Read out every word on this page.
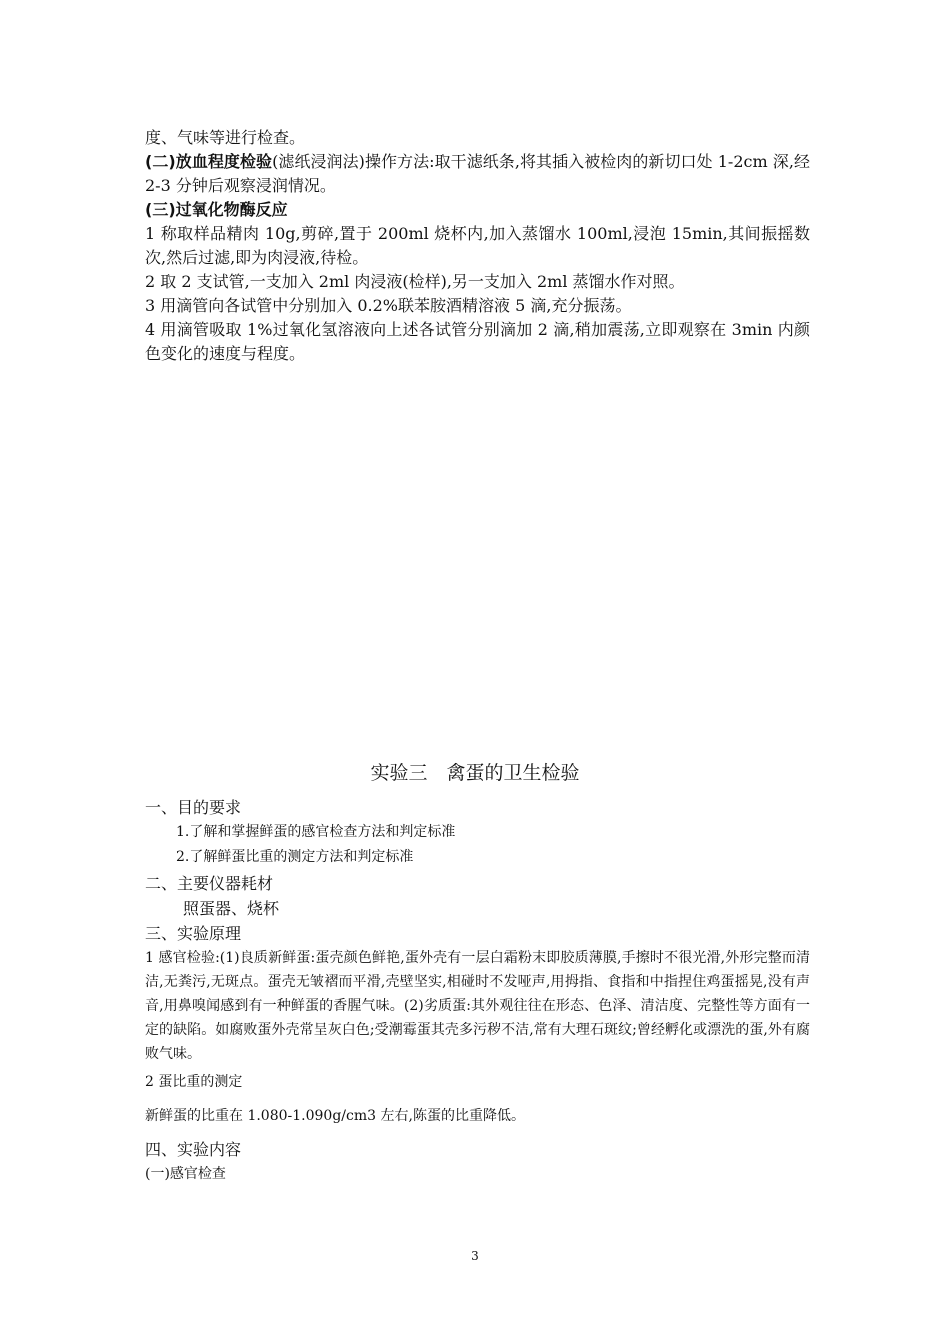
度、气味等进行检查。

(二)放血程度检验(滤纸浸润法)操作方法:取干滤纸条,将其插入被检肉的新切口处 1-2cm 深,经 2-3 分钟后观察浸润情况。

(三)过氧化物酶反应

1 称取样品精肉 10g,剪碎,置于 200ml 烧杯内,加入蒸馏水 100ml,浸泡 15min,其间振摇数次,然后过滤,即为肉浸液,待检。

2 取 2 支试管,一支加入 2ml 肉浸液(检样),另一支加入 2ml 蒸馏水作对照。

3 用滴管向各试管中分别加入 0.2%联苯胺酒精溶液 5 滴,充分振荡。

4 用滴管吸取 1%过氧化氢溶液向上述各试管分别滴加 2 滴,稍加震荡,立即观察在 3min 内颜色变化的速度与程度。

实验三　禽蛋的卫生检验

一、目的要求

1.了解和掌握鲜蛋的感官检查方法和判定标准

2.了解鲜蛋比重的测定方法和判定标准

二、主要仪器耗材

照蛋器、烧杯

三、实验原理

1 感官检验:(1)良质新鲜蛋:蛋壳颜色鲜艳,蛋外壳有一层白霜粉末即胶质薄膜,手擦时不很光滑,外形完整而清洁,无粪污,无斑点。蛋壳无皱褶而平滑,壳壁坚实,相碰时不发哑声,用拇指、食指和中指捏住鸡蛋摇晃,没有声音,用鼻嗅闻感到有一种鲜蛋的香腥气味。(2)劣质蛋:其外观往往在形态、色泽、清洁度、完整性等方面有一定的缺陷。如腐败蛋外壳常呈灰白色;受潮霉蛋其壳多污秽不洁,常有大理石斑纹;曾经孵化或漂洗的蛋,外有腐败气味。

2 蛋比重的测定

新鲜蛋的比重在 1.080-1.090g/cm3 左右,陈蛋的比重降低。

四、实验内容

(一)感官检查

3
